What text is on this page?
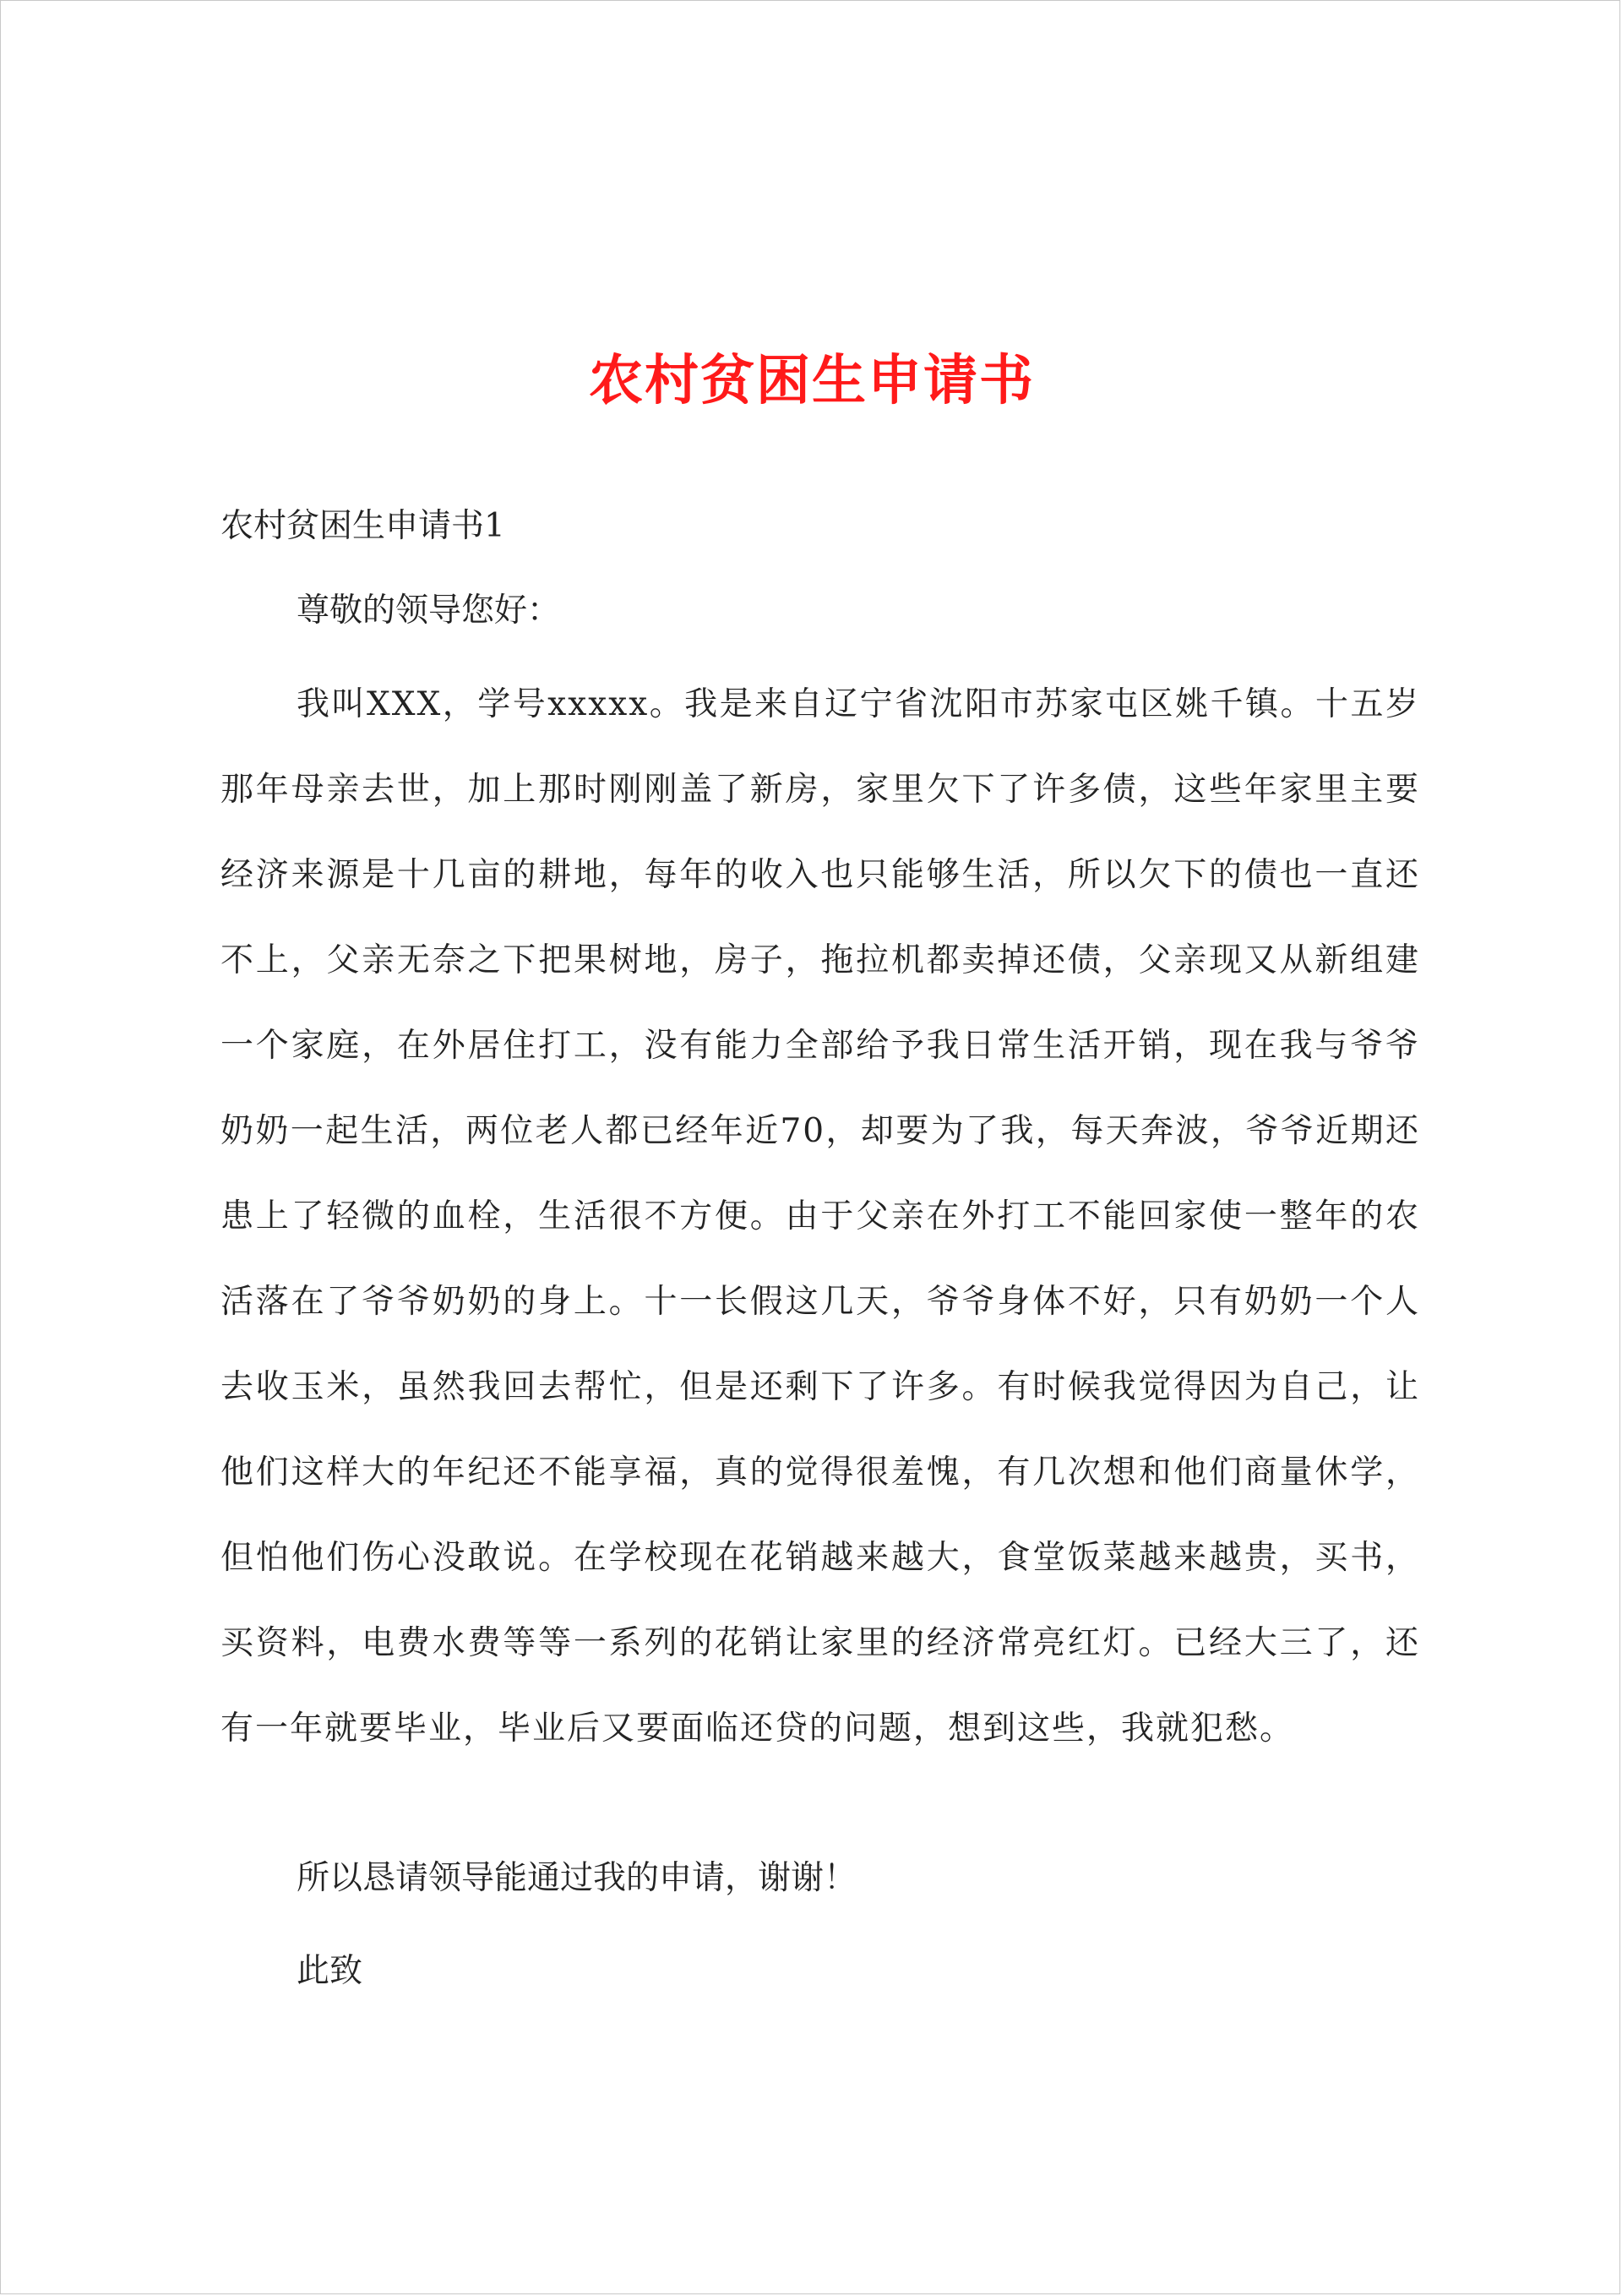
农村贫困生申请书
农村贫困生申请书1
尊敬的领导您好：
我叫XXX，学号xxxxx。我是来自辽宁省沈阳市苏家屯区姚千镇。十五岁那年母亲去世，加上那时刚刚盖了新房，家里欠下了许多债，这些年家里主要经济来源是十几亩的耕地，每年的收入也只能够生活，所以欠下的债也一直还不上，父亲无奈之下把果树地，房子，拖拉机都卖掉还债，父亲现又从新组建一个家庭，在外居住打工，没有能力全部给予我日常生活开销，现在我与爷爷奶奶一起生活，两位老人都已经年近70，却要为了我，每天奔波，爷爷近期还患上了轻微的血栓，生活很不方便。由于父亲在外打工不能回家使一整年的农活落在了爷爷奶奶的身上。十一长假这几天，爷爷身体不好，只有奶奶一个人去收玉米，虽然我回去帮忙，但是还剩下了许多。有时候我觉得因为自己，让他们这样大的年纪还不能享福，真的觉得很羞愧，有几次想和他们商量休学，但怕他们伤心没敢说。在学校现在花销越来越大，食堂饭菜越来越贵，买书，买资料，电费水费等等一系列的花销让家里的经济常亮红灯。已经大三了，还有一年就要毕业，毕业后又要面临还贷的问题，想到这些，我就犯愁。
所以恳请领导能通过我的申请，谢谢！
此致
